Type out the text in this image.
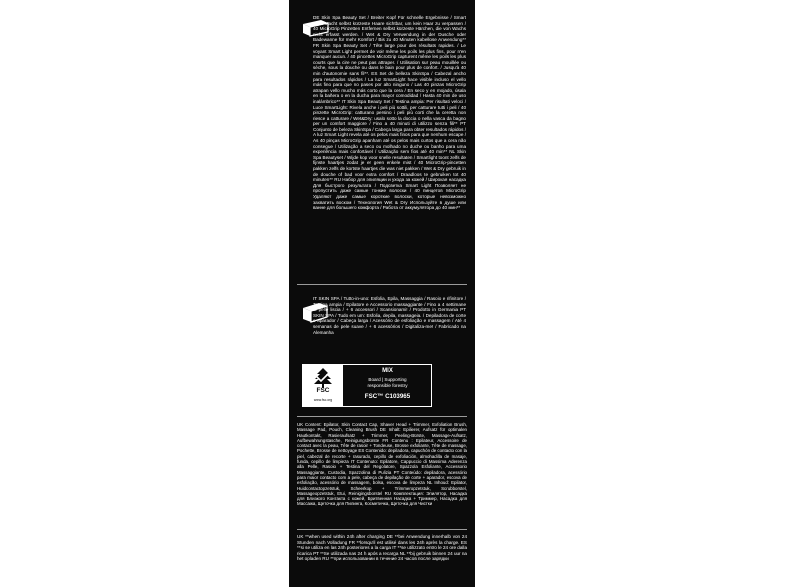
DE Skin Spa Beauty Set / Breiter Kopf Für schnelle Ergebnisse / Smart Light Macht selbst kürzeste Haare sichtbar, um kein Haar zu verpassen / 40 MicroGrip Pinzetten Entfernen selbst kürzeste Härchen, die von Wachs nicht erfasst werden. / Wet & Dry Verwendung in der Dusche oder Badewanne für mehr Komfort / Bis zu 40 Minuten kabellose Anwendung** FR Skin Spa Beauty Set / Tête large pour des résultats rapides. / Le voyant Smart Light permet de voir même les poils les plus fins, pour n'en manquer aucun. / 40 pincettes MicroGrip capturent même les poils les plus courts que la cire ne peut pas attraper. / Utilisation sur peau mouillée ou sèche, sous la douche ou dans le bain pour plus de confort. / Jusqu'à 40 min d'autonomie sans fil**. ES Set de belleza SkinSpa / Cabezal ancho para resultados rápidos / La luz SmartLight hace visible incluso el vello más fino para que no pases por alto ninguno / Las 40 pinzas MicroGrip atrapan vello mucho más corto que la cera / En seco y en mojado, úsala en la bañera o en la ducha para mayor comodidad / Hasta 40 min de uso inalámbrico** IT Skin Spa Beauty Set / Testina ampia: Per risultati veloci / Luce SmartLight: Rivela anche i peli più sottili, per catturare tutti i peli / 40 pinzette MicroGrip: catturano persino i peli più corti che la ceretta non riesce a catturare / Wet&Dry: usalo sotto la doccia o nella vasca da bagno per un comfort maggiore / Fino a 40 minuti di utilizzo senza fili** PT Conjunto de beleza SkinSpa / Cabeça larga para obter resultados rápidos / A luz Smart Light revela até os pelos mais finos para que nenhum escape / As 40 pinças MicroGrip apanham até os pelos mais curtos que a cera não consegue / Utilização a seco ou molhado no duche ou banho para uma experiência mais confortável / Utilização sem fios até 40 min** NL Skin Spa Beautyset / Wijde kop voor snelle resultaten / Smartlight toont zelfs de fijnste haartjes zodat je er geen enkele mist / 40 MicroGrip-pincetten pakken zelfs de kortste haartjes die was niet pakken / Wet & Dry gebruik in de douche of bad voor extra comfort / Draadloos te gebruiken tot 40 minuten** RU Набор для эпиляции и ухода за кожей / Широкая насадка Для быстрого результата / Подсветка Smart Light Позволяет не пропустить даже самые тонкие волоски / 40 пинцетов MicroGrip Удаляют даже самые короткие волоски, которые невозможно захватить воском / Технология Wet & Dry Используйте в душе или ванне для большего комфорта / Работа от аккумулятора до 40 мин**
IT SKIN SPA / Tutto-in-uno: Esfolia, Epila, Massaggia / Rasoio e rifinitore / Testina ampia / Epilatore e Accessorio massaggiante / Fino a 4 settimane di pelle liscia / + 6 accessori / Scansionami! / Prodotto in Germania PT SKIN SPA / Tudo em um: Esfolia, depila, massageia. / Depiladora de corte e aparador / Cabeça larga / Acessório de esfoliação e massagem / Até 4 semanas de pele suave / + 6 acessórios / Digitaliza-me! / Fabricado na Alemanha
FSC
www.fsc.org
MIX
Board | Supporting
responsible forestry
FSC™ C103965
UK Content: Epilator, Skin Contact Cap, Shaver Head + Trimmer, Exfoliation Brush, Massage Pad, Pouch, Cleaning Brush DE Inhalt: Epilierer, Aufsatz für optimalen Hautkontakt, Rasieraufsatz + Trimmer, Peeling-Bürste, Massage-Aufsatz, Aufbewahrungstasche, Reinigungsbürste FR Contenu : Epilateur, Accessoire de contact avec la peau, Tête de rasoir + Tondeuse, Brosse exfoliante, Tête de massage, Pochette, Brosse de nettoyage ES Contenido: depiladora, capuchón de contacto con la piel, cabezal de recorte + rasurado, cepillo de exfoliación, almohadilla de masaje, funda, cepillo de limpieza IT Contenuto: Epilatore, Cappuccio di Massima Aderenza alla Pelle, Rasoio + Testina del Regolatore, Spazzola Esfoliante, Accessorio Massaggiante, Custodia, Spazzolina di Pulizia PT Conteúdo: depiladora, acessório para maior contacto com a pele, cabeça de depilação de corte + aparador, escova de esfoliação, acessório de massagem, bolsa, escova de limpeza NL Inhoud: Epilator, Huidcontactopzetstuk, Scheerkop + Trimmeropzetstuk, Scrubborstel, Massageopzetstuk, Etui, Reinigingsborstel RU Комплектация: Эпилятор, Насадка для Близкого Контакта с кожей, Бритвенная Насадка + Триммер, Насадка для Массажа, Щеточка для Пилинга, Косметичка, Щеточка для Чистки
UK **when used within 24h after charging DE **bei Anwendung innerhalb von 24 Stunden nach Volladung FR **lorsqu'il est utilisé dans les 24h après la charge. ES **si se utiliza en las 24h posteriores a la carga IT **se utilizzato entro le 24 ore dalla ricarica PT **Se utilizada nas 24 h após a recarga NL **bij gebruik binnen 24 uur na het opladen RU **при использовании в течение 24 часов после зарядки
